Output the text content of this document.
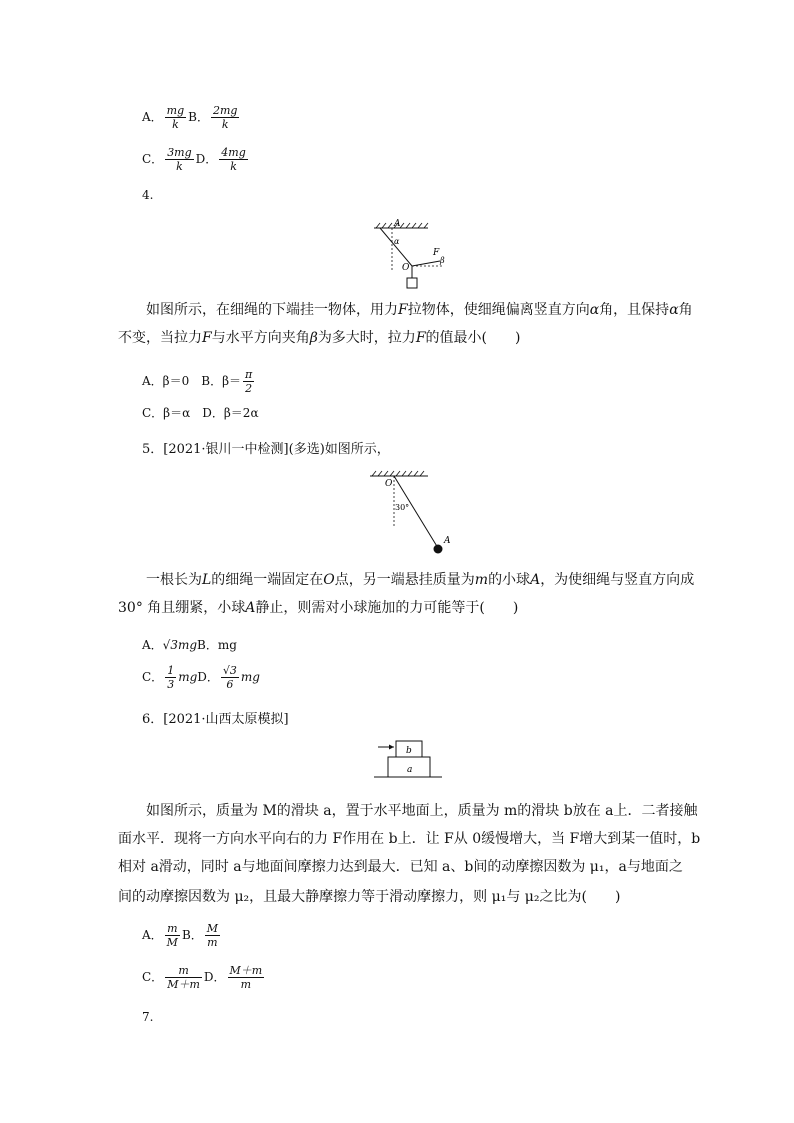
A． $\frac{mg}{k}$ B． $\frac{2mg}{k}$
C． $\frac{3mg}{k}$ D． $\frac{4mg}{k}$
4.
A
α
O
F
β
如图所示，在细绳的下端挂一物体，用力F拉物体，使细绳偏离竖直方向α角，且保持α角不变，当拉力F与水平方向夹角β为多大时，拉力F的值最小(　　)
A．β＝0　 B．$\beta= \frac{\pi}{2}$
C．β＝α　 D．β＝2α
5．[2021·银川一中检测](多选)如图所示，
O
30°
A
一根长为L的细绳一端固定在O点，另一端悬挂质量为m的小球A，为使细绳与竖直方向成 30° 角且绷紧，小球A静止，则需对小球施加的力可能等于(　　)
A．√3mgB．mg
C． $\frac{1}{3}$ mgD． $\frac{√3}{6}$ mg
6．[2021·山西太原模拟]
b
a
如图所示，质量为 M的滑块 a，置于水平地面上，质量为 m的滑块 b放在 a上．二者接触
面水平．现将一方向水平向右的力 F作用在 b上．让 F从 0缓慢增大，当 F增大到某一值时，b
相对 a滑动，同时 a与地面间摩擦力达到最大．已知 a、b间的动摩擦因数为 μ₁，a与地面之
间的动摩擦因数为 μ₂，且最大静摩擦力等于滑动摩擦力，则 μ₁与 μ₂之比为(　　)
A． $\frac{m}{M}$ B． $\frac{M}{m}$
C． $\frac{m}{M+m}$ D． $\frac{M+m}{m}$
7.
